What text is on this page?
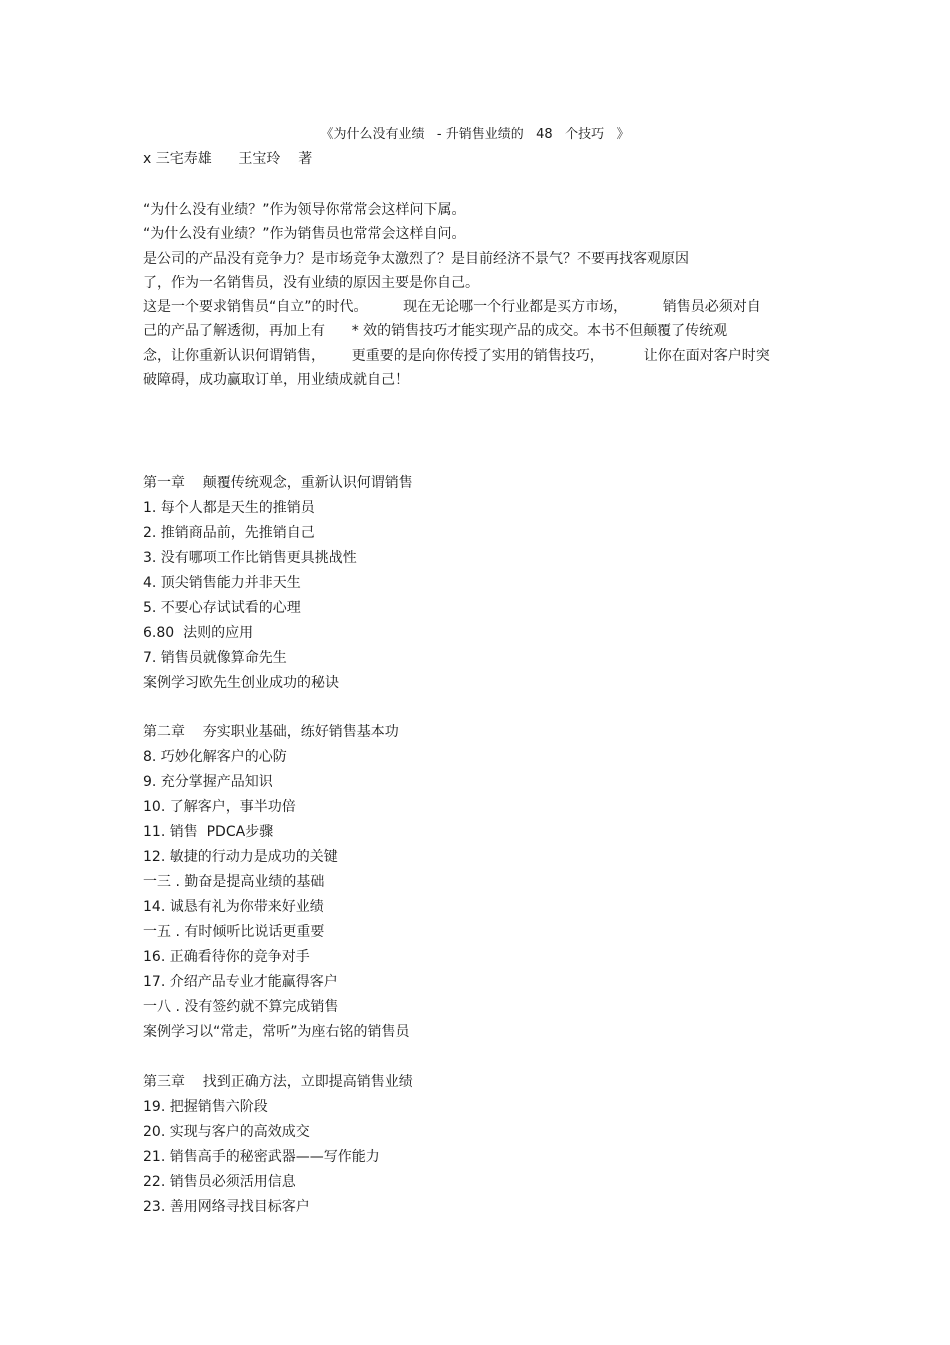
《为什么没有业绩   - 升销售业绩的   48   个技巧   》
x 三宅寿雄      王宝玲    著
“为什么没有业绩？”作为领导你常常会这样问下属。
“为什么没有业绩？”作为销售员也常常会这样自问。
是公司的产品没有竞争力？是市场竞争太激烈了？是目前经济不景气？不要再找客观原因
了，作为一名销售员，没有业绩的原因主要是你自己。
这是一个要求销售员“自立”的时代。        现在无论哪一个行业都是买方市场，        销售员必须对自
己的产品了解透彻，再加上有      * 效的销售技巧才能实现产品的成交。本书不但颠覆了传统观
念，让你重新认识何谓销售，      更重要的是向你传授了实用的销售技巧，         让你在面对客户时突
破障碍，成功赢取订单，用业绩成就自己！
第一章    颠覆传统观念，重新认识何谓销售
1. 每个人都是天生的推销员
2. 推销商品前，先推销自己
3. 没有哪项工作比销售更具挑战性
4. 顶尖销售能力并非天生
5. 不要心存试试看的心理
6.80  法则的应用
7. 销售员就像算命先生
案例学习欧先生创业成功的秘诀
第二章    夯实职业基础，练好销售基本功
8. 巧妙化解客户的心防
9. 充分掌握产品知识
10. 了解客户，事半功倍
11. 销售  PDCA步骤
12. 敏捷的行动力是成功的关键
一三 . 勤奋是提高业绩的基础
14. 诚恳有礼为你带来好业绩
一五 . 有时倾听比说话更重要
16. 正确看待你的竞争对手
17. 介绍产品专业才能赢得客户
一八 . 没有签约就不算完成销售
案例学习以“常走，常听”为座右铭的销售员
第三章    找到正确方法，立即提高销售业绩
19. 把握销售六阶段
20. 实现与客户的高效成交
21. 销售高手的秘密武器——写作能力
22. 销售员必须活用信息
23. 善用网络寻找目标客户
